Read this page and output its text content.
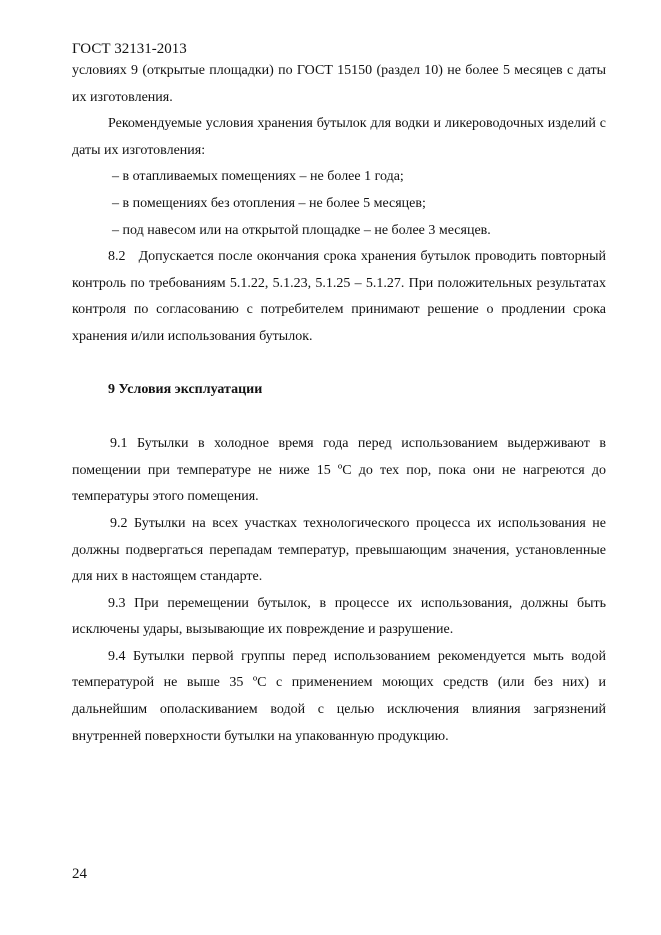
ГОСТ 32131-2013

условиях 9 (открытые площадки) по ГОСТ 15150 (раздел 10) не более 5 месяцев с даты их изготовления.

Рекомендуемые условия хранения бутылок для водки и ликероводочных изделий с даты их изготовления:

– в отапливаемых помещениях – не более 1 года;

– в помещениях без отопления – не более 5 месяцев;

– под навесом или на открытой площадке – не более 3 месяцев.

8.2   Допускается после окончания срока хранения бутылок проводить повторный контроль по требованиям 5.1.22, 5.1.23, 5.1.25 – 5.1.27. При положительных результатах контроля по согласованию с потребителем принимают решение о продлении срока хранения и/или использования бутылок.

9 Условия эксплуатации

9.1 Бутылки в холодное время года перед использованием выдерживают в помещении при температуре не ниже 15 ºС до тех пор, пока они не нагреются до температуры этого помещения.

9.2 Бутылки на всех участках технологического процесса их использования не должны подвергаться перепадам температур, превышающим значения, установленные для них в настоящем стандарте.

9.3 При перемещении бутылок, в процессе их использования, должны быть исключены удары, вызывающие их повреждение и разрушение.

9.4 Бутылки первой группы перед использованием рекомендуется мыть водой температурой не выше 35 ºС с применением моющих средств (или без них) и дальнейшим ополаскиванием водой с целью исключения влияния загрязнений внутренней поверхности бутылки на упакованную продукцию.

24
